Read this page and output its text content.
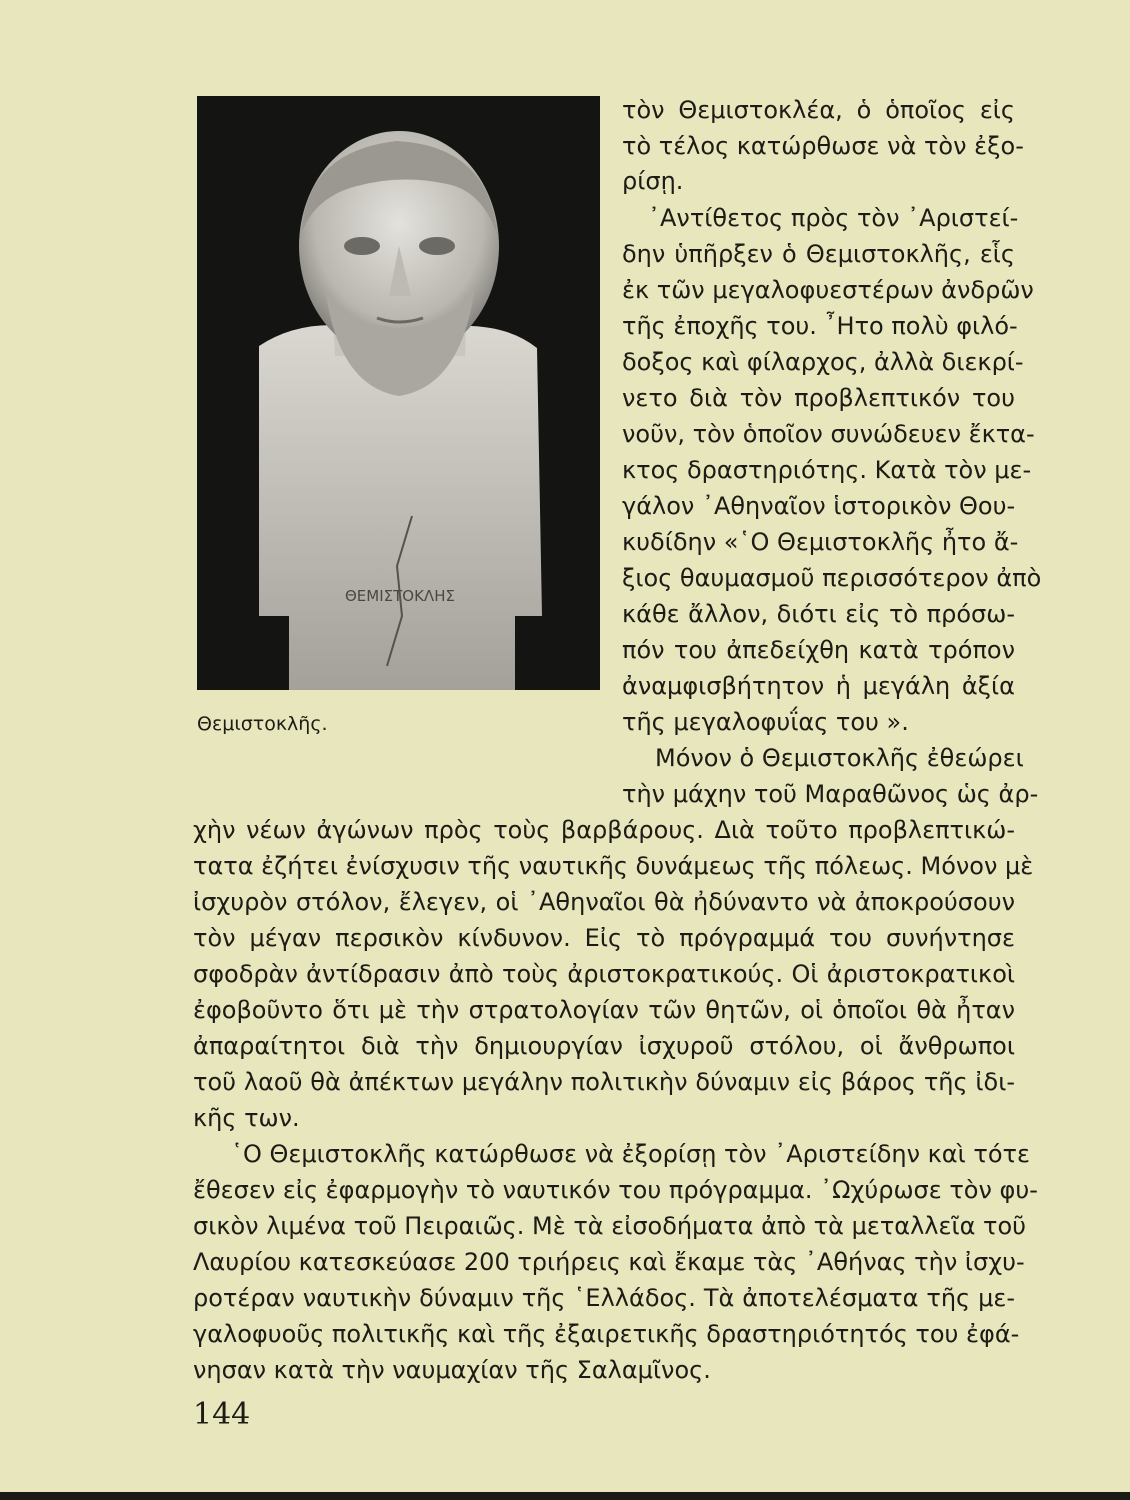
ΘΕΜΙΣΤΟΚΛΗΣ
Θεμιστοκλῆς.
τὸν Θεμιστοκλέα, ὁ ὁποῖος εἰς
τὸ τέλος κατώρθωσε νὰ τὸν ἐξο-
ρίσῃ.
᾿Αντίθετος πρὸς τὸν ᾿Αριστεί-
δην ὑπῆρξεν ὁ Θεμιστοκλῆς, εἷς
ἐκ τῶν μεγαλοφυεστέρων ἀνδρῶν
τῆς ἐποχῆς του. ῏Ητο πολὺ φιλό-
δοξος καὶ φίλαρχος, ἀλλὰ διεκρί-
νετο διὰ τὸν προβλεπτικόν του
νοῦν, τὸν ὁποῖον συνώδευεν ἔκτα-
κτος δραστηριότης. Κατὰ τὸν με-
γάλον ᾿Αθηναῖον ἱστορικὸν Θου-
κυδίδην «῾Ο Θεμιστοκλῆς ἦτο ἄ-
ξιος θαυμασμοῦ περισσότερον ἀπὸ
κάθε ἄλλον, διότι εἰς τὸ πρόσω-
πόν του ἀπεδείχθη κατὰ τρόπον
ἀναμφισβήτητον ἡ μεγάλη ἀξία
τῆς μεγαλοφυΐας του ».
Μόνον ὁ Θεμιστοκλῆς ἐθεώρει
τὴν μάχην τοῦ Μαραθῶνος ὡς ἀρ-
χὴν νέων ἀγώνων πρὸς τοὺς βαρβάρους. Διὰ τοῦτο προβλεπτικώ-
τατα ἐζήτει ἐνίσχυσιν τῆς ναυτικῆς δυνάμεως τῆς πόλεως. Μόνον μὲ
ἰσχυρὸν στόλον, ἔλεγεν, οἱ ᾿Αθηναῖοι θὰ ἠδύναντο νὰ ἀποκρούσουν
τὸν μέγαν περσικὸν κίνδυνον. Εἰς τὸ πρόγραμμά του συνήντησε
σφοδρὰν ἀντίδρασιν ἀπὸ τοὺς ἀριστοκρατικούς. Οἱ ἀριστοκρατικοὶ
ἐφοβοῦντο ὅτι μὲ τὴν στρατολογίαν τῶν θητῶν, οἱ ὁποῖοι θὰ ἦταν
ἀπαραίτητοι διὰ τὴν δημιουργίαν ἰσχυροῦ στόλου, οἱ ἄνθρωποι
τοῦ λαοῦ θὰ ἀπέκτων μεγάλην πολιτικὴν δύναμιν εἰς βάρος τῆς ἰδι-
κῆς των.
῾Ο Θεμιστοκλῆς κατώρθωσε νὰ ἐξορίσῃ τὸν ᾿Αριστείδην καὶ τότε
ἔθεσεν εἰς ἐφαρμογὴν τὸ ναυτικόν του πρόγραμμα. ᾿Ωχύρωσε τὸν φυ-
σικὸν λιμένα τοῦ Πειραιῶς. Μὲ τὰ εἰσοδήματα ἀπὸ τὰ μεταλλεῖα τοῦ
Λαυρίου κατεσκεύασε 200 τριήρεις καὶ ἔκαμε τὰς ᾿Αθήνας τὴν ἰσχυ-
ροτέραν ναυτικὴν δύναμιν τῆς ῾Ελλάδος. Τὰ ἀποτελέσματα τῆς με-
γαλοφυοῦς πολιτικῆς καὶ τῆς ἐξαιρετικῆς δραστηριότητός του ἐφά-
νησαν κατὰ τὴν ναυμαχίαν τῆς Σαλαμῖνος.
144
